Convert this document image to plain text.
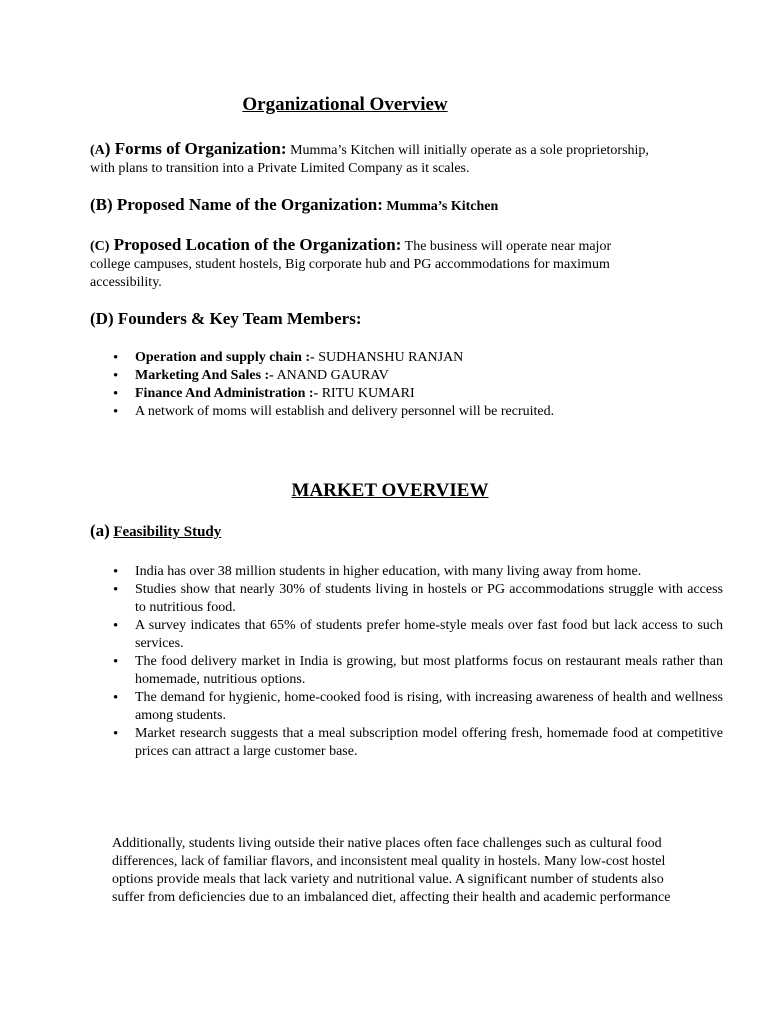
Organizational Overview
(A) Forms of Organization: Mumma’s Kitchen will initially operate as a sole proprietorship, with plans to transition into a Private Limited Company as it scales.
(B) Proposed Name of the Organization: Mumma’s Kitchen
(C) Proposed Location of the Organization: The business will operate near major college campuses, student hostels, Big corporate hub and PG accommodations for maximum accessibility.
(D) Founders & Key Team Members:
• Operation and supply chain :- SUDHANSHU RANJAN
• Marketing And Sales :- ANAND GAURAV
• Finance And Administration :- RITU KUMARI
• A network of moms will establish and delivery personnel will be recruited.
MARKET OVERVIEW
(a) Feasibility Study
• India has over 38 million students in higher education, with many living away from home.
• Studies show that nearly 30% of students living in hostels or PG accommodations struggle with access to nutritious food.
• A survey indicates that 65% of students prefer home-style meals over fast food but lack access to such services.
• The food delivery market in India is growing, but most platforms focus on restaurant meals rather than homemade, nutritious options.
• The demand for hygienic, home-cooked food is rising, with increasing awareness of health and wellness among students.
• Market research suggests that a meal subscription model offering fresh, homemade food at competitive prices can attract a large customer base.
Additionally, students living outside their native places often face challenges such as cultural food differences, lack of familiar flavors, and inconsistent meal quality in hostels. Many low-cost hostel options provide meals that lack variety and nutritional value. A significant number of students also suffer from deficiencies due to an imbalanced diet, affecting their health and academic performance
